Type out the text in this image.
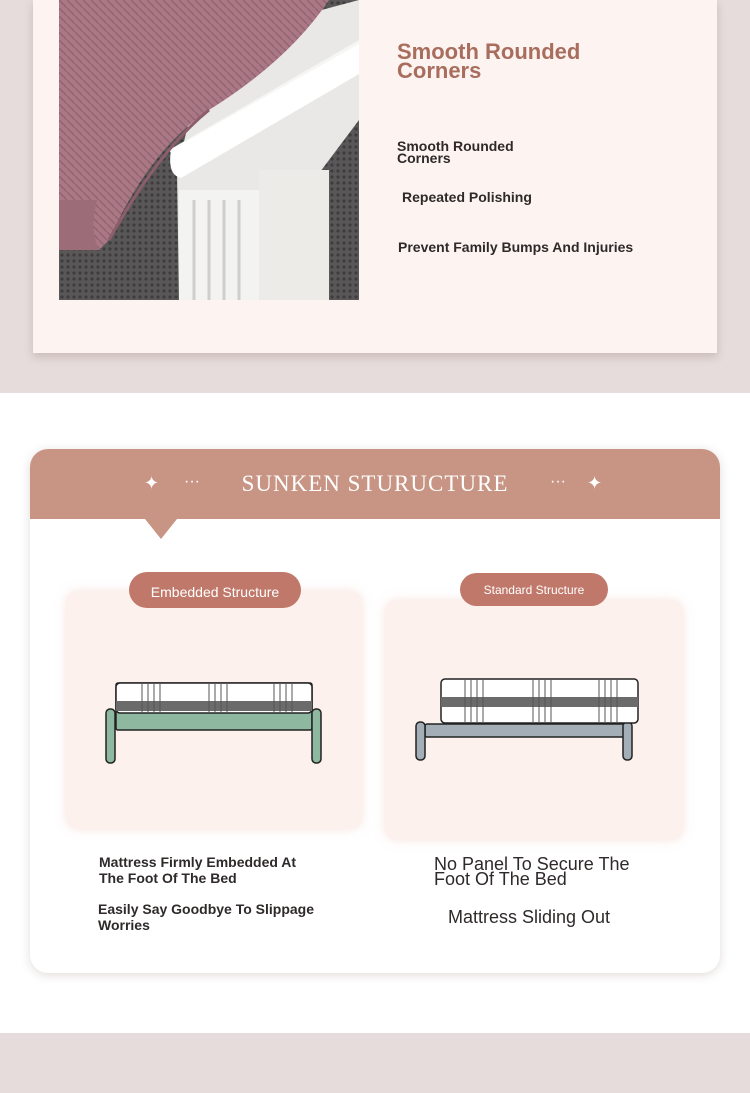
Smooth Rounded Corners
Smooth Rounded Corners
Repeated Polishing
Prevent Family Bumps And Injuries
✦ ···	SUNKEN STURUCTURE	··· ✦
Embedded Structure
Mattress Firmly Embedded At The Foot Of The Bed
Easily Say Goodbye To Slippage Worries
Standard Structure
No Panel To Secure The Foot Of The Bed
Mattress Sliding Out
